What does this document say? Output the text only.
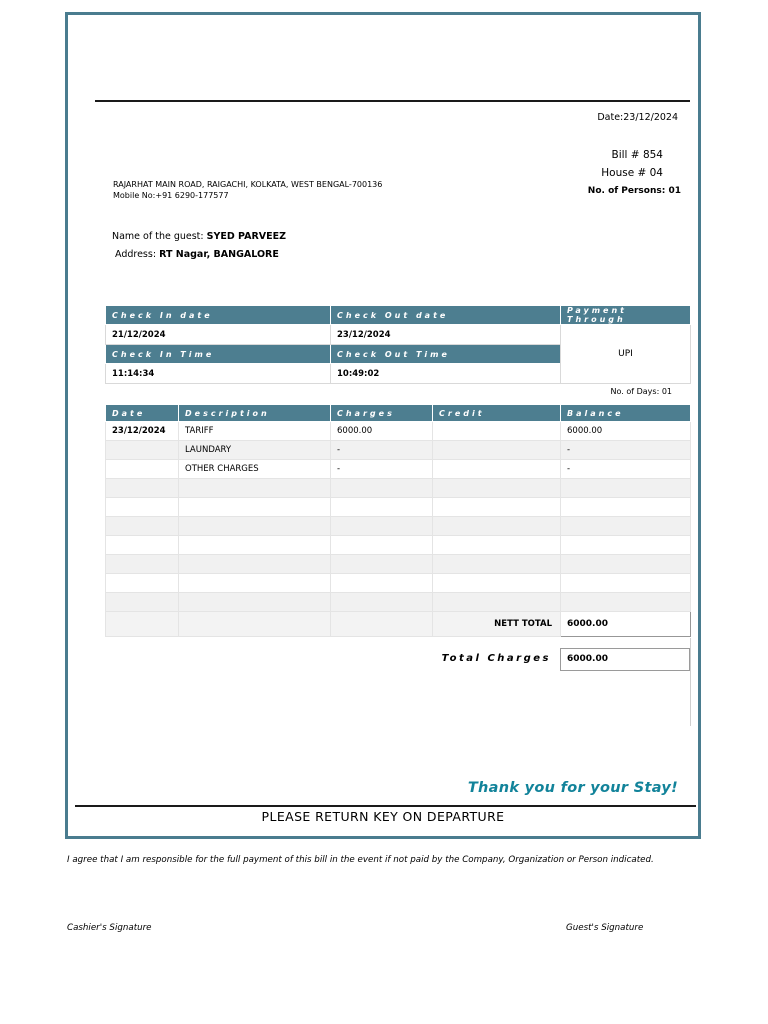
Date:23/12/2024
Bill # 854
House # 04
RAJARHAT MAIN ROAD, RAIGACHI, KOLKATA, WEST BENGAL-700136
Mobile No:+91 6290-177577	No. of Persons: 01
Name of the guest: SYED PARVEEZ
Address: RT Nagar, BANGALORE
Check In date	Check Out date	Payment Through
21/12/2024	23/12/2024	UPI
Check In Time	Check Out Time	
11:14:34	10:49:02	
No. of Days: 01
Date	Description	Charges	Credit	Balance
23/12/2024	TARIFF	6000.00		6000.00
	LAUNDARY	-		-
	OTHER CHARGES	-		-

			NETT TOTAL	6000.00
Total Charges	6000.00
Thank you for your Stay!
PLEASE RETURN KEY ON DEPARTURE
I agree that I am responsible for the full payment of this bill in the event if not paid by the Company, Organization or Person indicated.
Cashier's Signature	Guest's Signature
